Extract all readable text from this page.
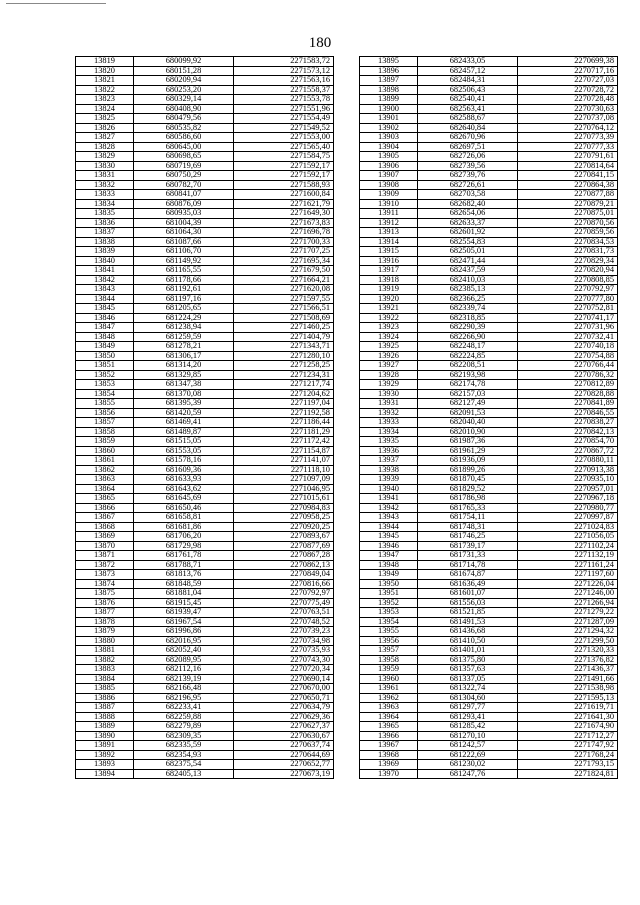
180
13819	680099,92	2271583,72
13820	680151,28	2271573,12
13821	680209,94	2271563,16
13822	680253,20	2271558,37
13823	680329,14	2271553,78
13824	680408,90	2271551,96
13825	680479,56	2271554,49
13826	680535,82	2271549,52
13827	680586,60	2271553,00
13828	680645,00	2271565,40
13829	680698,65	2271584,75
13830	680719,69	2271592,17
13831	680750,29	2271592,17
13832	680782,70	2271588,93
13833	680841,07	2271600,84
13834	680876,09	2271621,79
13835	680935,03	2271649,30
13836	681004,39	2271673,83
13837	681064,30	2271696,78
13838	681087,66	2271700,33
13839	681106,70	2271707,25
13840	681149,92	2271695,34
13841	681165,55	2271679,50
13842	681178,66	2271664,21
13843	681192,61	2271620,08
13844	681197,16	2271597,55
13845	681205,65	2271566,51
13846	681224,29	2271508,69
13847	681238,94	2271460,25
13848	681259,59	2271404,79
13849	681278,21	2271343,71
13850	681306,17	2271280,10
13851	681314,20	2271258,25
13852	681329,85	2271234,31
13853	681347,38	2271217,74
13854	681370,08	2271204,62
13855	681395,39	2271197,04
13856	681420,59	2271192,58
13857	681469,41	2271186,44
13858	681489,87	2271181,29
13859	681515,05	2271172,42
13860	681553,05	2271154,87
13861	681578,16	2271141,07
13862	681609,36	2271118,10
13863	681633,93	2271097,09
13864	681643,62	2271046,95
13865	681645,69	2271015,61
13866	681650,46	2270984,83
13867	681658,81	2270958,25
13868	681681,86	2270920,25
13869	681706,20	2270893,67
13870	681729,98	2270877,69
13871	681761,78	2270867,28
13872	681788,71	2270862,13
13873	681813,76	2270849,04
13874	681848,59	2270816,66
13875	681881,04	2270792,97
13876	681915,45	2270775,49
13877	681939,47	2270763,51
13878	681967,54	2270748,52
13879	681996,86	2270739,23
13880	682016,95	2270734,98
13881	682052,40	2270735,93
13882	682089,95	2270743,30
13883	682112,16	2270720,34
13884	682139,19	2270690,14
13885	682166,48	2270670,00
13886	682196,95	2270650,71
13887	682233,41	2270634,79
13888	682259,88	2270629,36
13889	682279,89	2270627,37
13890	682309,35	2270630,67
13891	682335,59	2270637,74
13892	682354,93	2270644,69
13893	682375,54	2270652,77
13894	682405,13	2270673,19
13895	682433,05	2270699,38
13896	682457,12	2270717,16
13897	682484,31	2270727,03
13898	682506,43	2270728,72
13899	682540,41	2270728,48
13900	682563,41	2270730,63
13901	682588,67	2270737,08
13902	682640,84	2270764,12
13903	682670,96	2270773,39
13904	682697,51	2270777,33
13905	682726,06	2270791,61
13906	682739,56	2270814,64
13907	682739,76	2270841,15
13908	682726,61	2270864,38
13909	682703,58	2270877,88
13910	682682,40	2270879,21
13911	682654,06	2270875,01
13912	682633,37	2270870,56
13913	682601,92	2270859,56
13914	682554,83	2270834,53
13915	682505,01	2270831,73
13916	682471,44	2270829,34
13917	682437,59	2270820,94
13918	682410,03	2270808,85
13919	682385,13	2270792,97
13920	682366,25	2270777,80
13921	682339,74	2270752,81
13922	682318,85	2270741,17
13923	682290,39	2270731,96
13924	682266,90	2270732,41
13925	682248,17	2270740,18
13926	682224,85	2270754,88
13927	682208,51	2270766,44
13928	682193,98	2270786,32
13929	682174,78	2270812,89
13930	682157,03	2270828,88
13931	682127,49	2270841,89
13932	682091,53	2270846,55
13933	682040,40	2270838,27
13934	682010,90	2270842,13
13935	681987,36	2270854,70
13936	681961,29	2270867,72
13937	681936,09	2270880,11
13938	681899,26	2270913,38
13939	681870,45	2270935,10
13940	681829,52	2270957,01
13941	681786,98	2270967,18
13942	681765,33	2270980,77
13943	681754,11	2270997,87
13944	681748,31	2271024,83
13945	681746,25	2271056,05
13946	681739,17	2271102,24
13947	681731,33	2271132,19
13948	681714,78	2271161,24
13949	681674,87	2271197,60
13950	681636,49	2271226,04
13951	681601,07	2271246,00
13952	681556,03	2271266,94
13953	681521,85	2271279,22
13954	681491,53	2271287,09
13955	681436,68	2271294,32
13956	681410,50	2271299,50
13957	681401,01	2271320,33
13958	681375,80	2271376,82
13959	681357,63	2271436,37
13960	681337,05	2271491,66
13961	681322,74	2271538,98
13962	681304,60	2271595,13
13963	681297,77	2271619,71
13964	681293,41	2271641,30
13965	681285,42	2271674,90
13966	681270,10	2271712,27
13967	681242,57	2271747,92
13968	681222,69	2271768,24
13969	681230,02	2271793,15
13970	681247,76	2271824,81
